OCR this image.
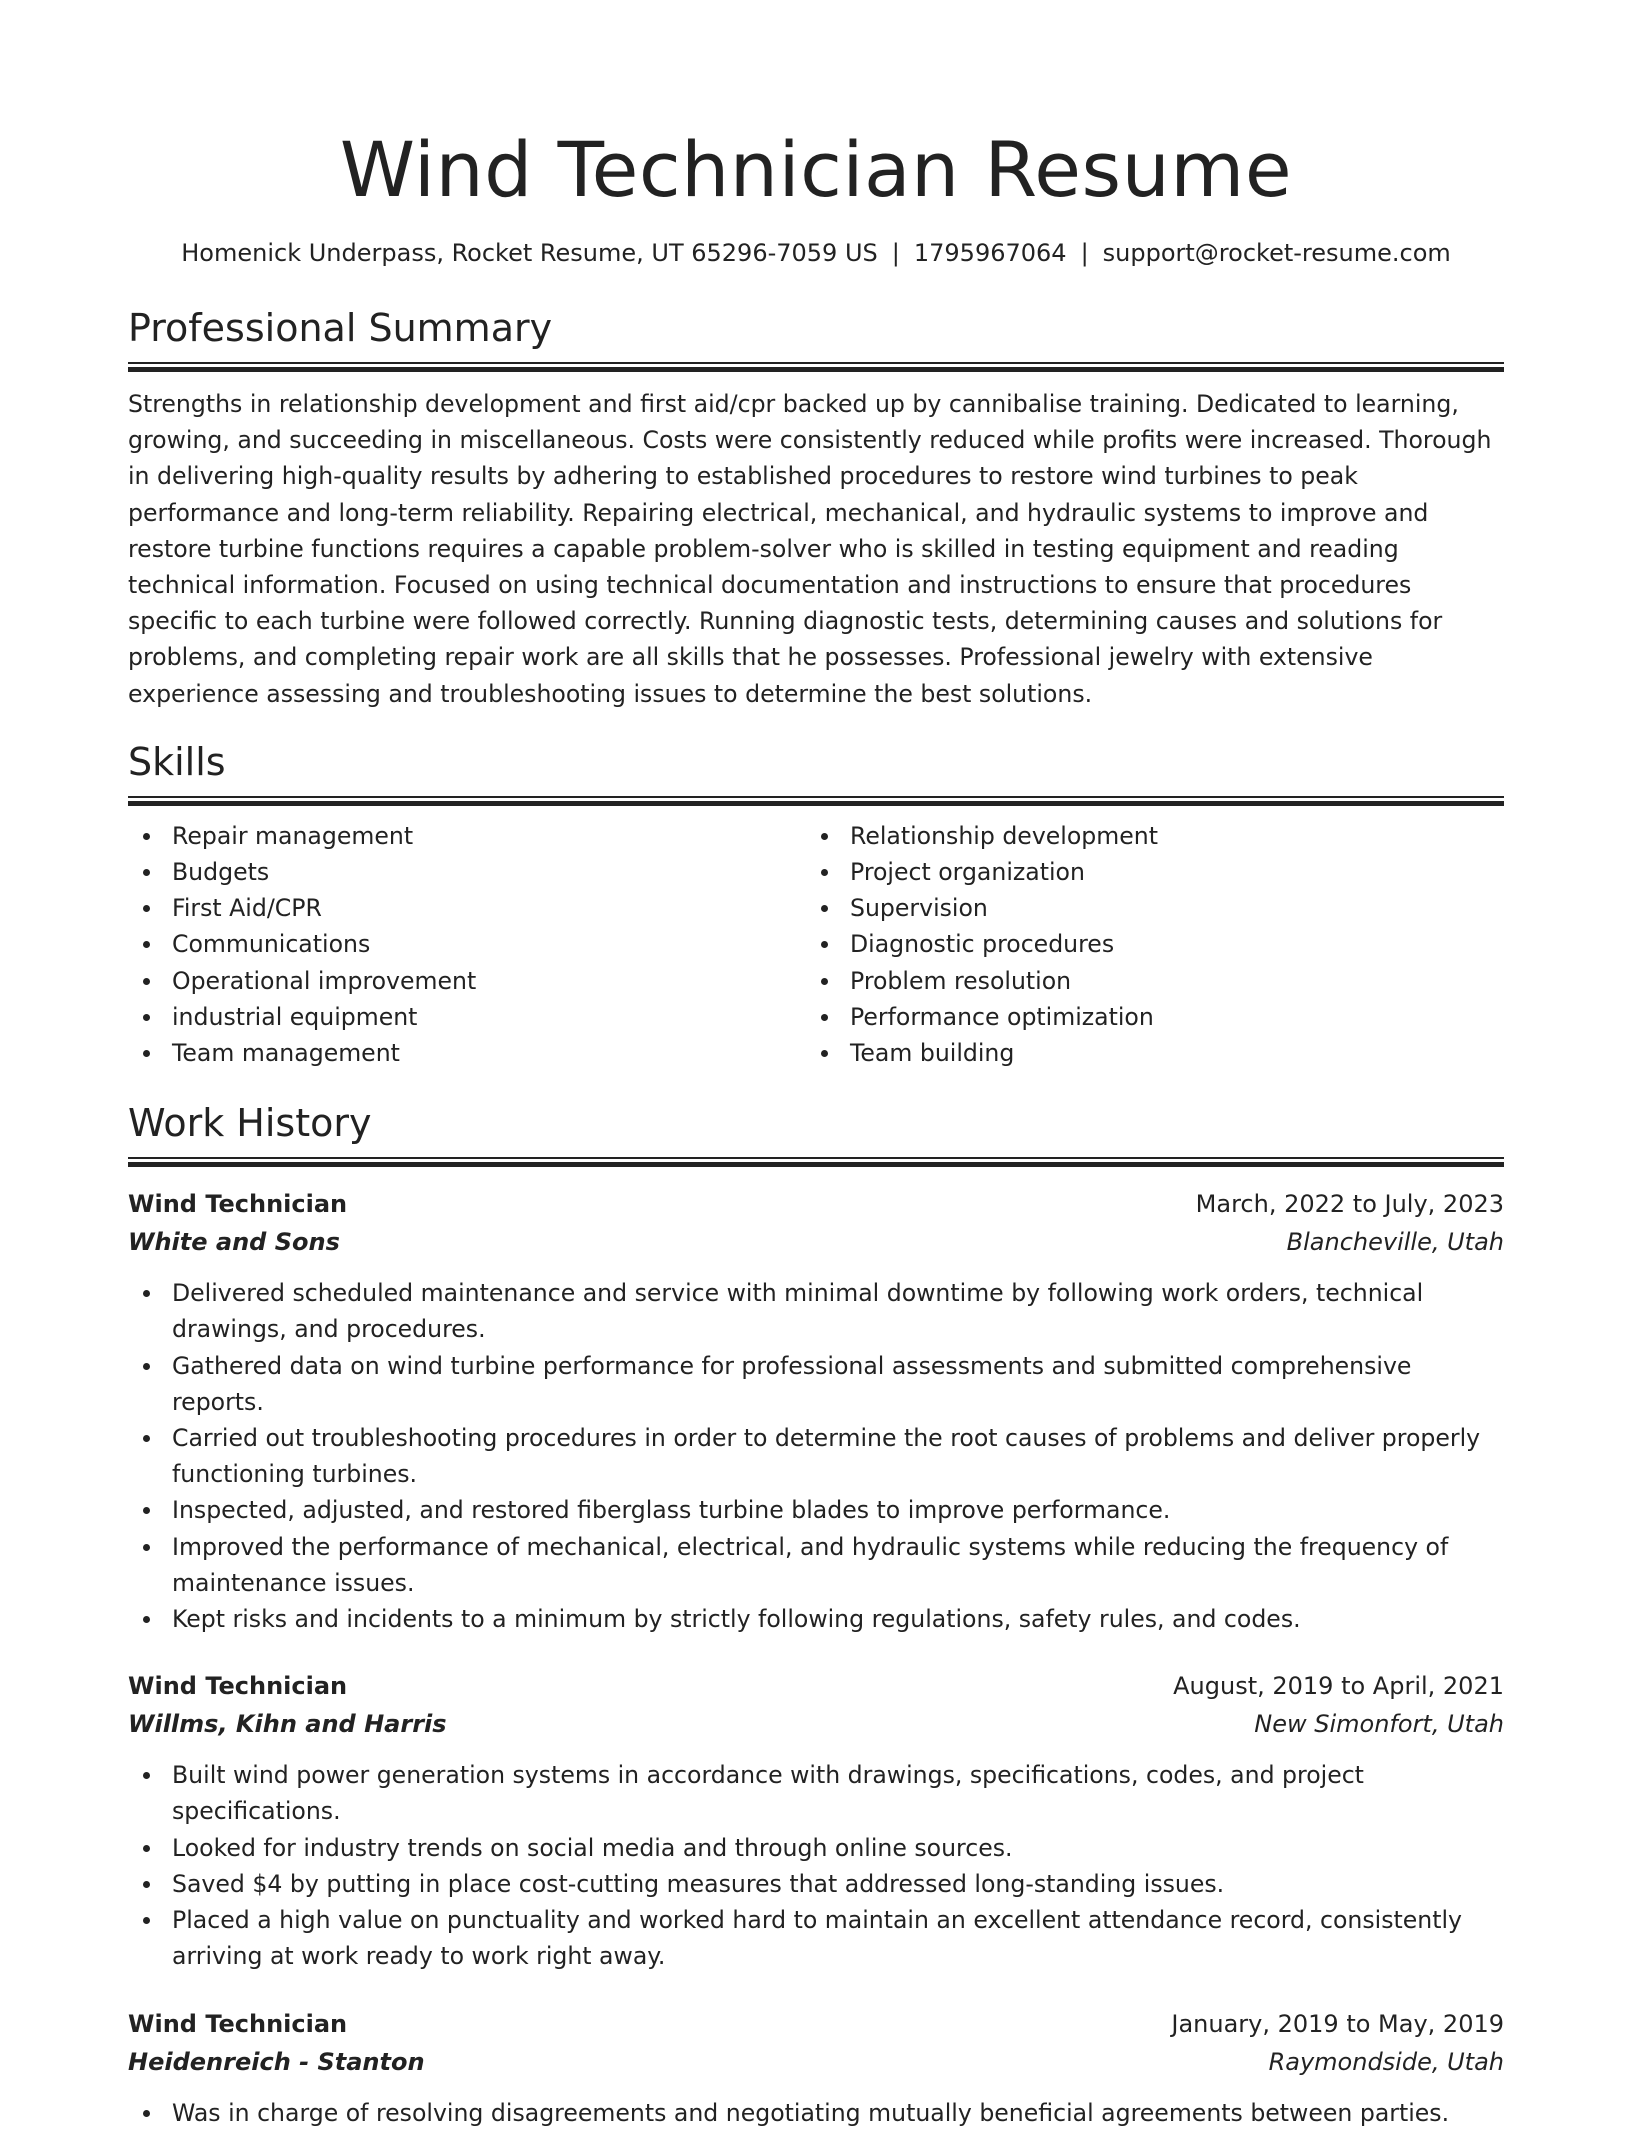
Wind Technician Resume
Homenick Underpass, Rocket Resume, UT 65296-7059 US | 1795967064 | support@rocket-resume.com
Professional Summary

Strengths in relationship development and first aid/cpr backed up by cannibalise training. Dedicated to learning, growing, and succeeding in miscellaneous. Costs were consistently reduced while profits were increased. Thorough in delivering high-quality results by adhering to established procedures to restore wind turbines to peak performance and long-term reliability. Repairing electrical, mechanical, and hydraulic systems to improve and restore turbine functions requires a capable problem-solver who is skilled in testing equipment and reading technical information. Focused on using technical documentation and instructions to ensure that procedures specific to each turbine were followed correctly. Running diagnostic tests, determining causes and solutions for problems, and completing repair work are all skills that he possesses. Professional jewelry with extensive experience assessing and troubleshooting issues to determine the best solutions.

Skills
Repair management
Budgets
First Aid/CPR
Communications
Operational improvement
industrial equipment
Team management
Relationship development
Project organization
Supervision
Diagnostic procedures
Problem resolution
Performance optimization
Team building
Work History
Wind Technician	March, 2022 to July, 2023
White and Sons	Blancheville, Utah
Delivered scheduled maintenance and service with minimal downtime by following work orders, technical drawings, and procedures.
Gathered data on wind turbine performance for professional assessments and submitted comprehensive reports.
Carried out troubleshooting procedures in order to determine the root causes of problems and deliver properly functioning turbines.
Inspected, adjusted, and restored fiberglass turbine blades to improve performance.
Improved the performance of mechanical, electrical, and hydraulic systems while reducing the frequency of maintenance issues.
Kept risks and incidents to a minimum by strictly following regulations, safety rules, and codes.
Wind Technician	August, 2019 to April, 2021
Willms, Kihn and Harris	New Simonfort, Utah
Built wind power generation systems in accordance with drawings, specifications, codes, and project specifications.
Looked for industry trends on social media and through online sources.
Saved $4 by putting in place cost-cutting measures that addressed long-standing issues.
Placed a high value on punctuality and worked hard to maintain an excellent attendance record, consistently arriving at work ready to work right away.
Wind Technician	January, 2019 to May, 2019
Heidenreich - Stanton	Raymondside, Utah
Was in charge of resolving disagreements and negotiating mutually beneficial agreements between parties.
